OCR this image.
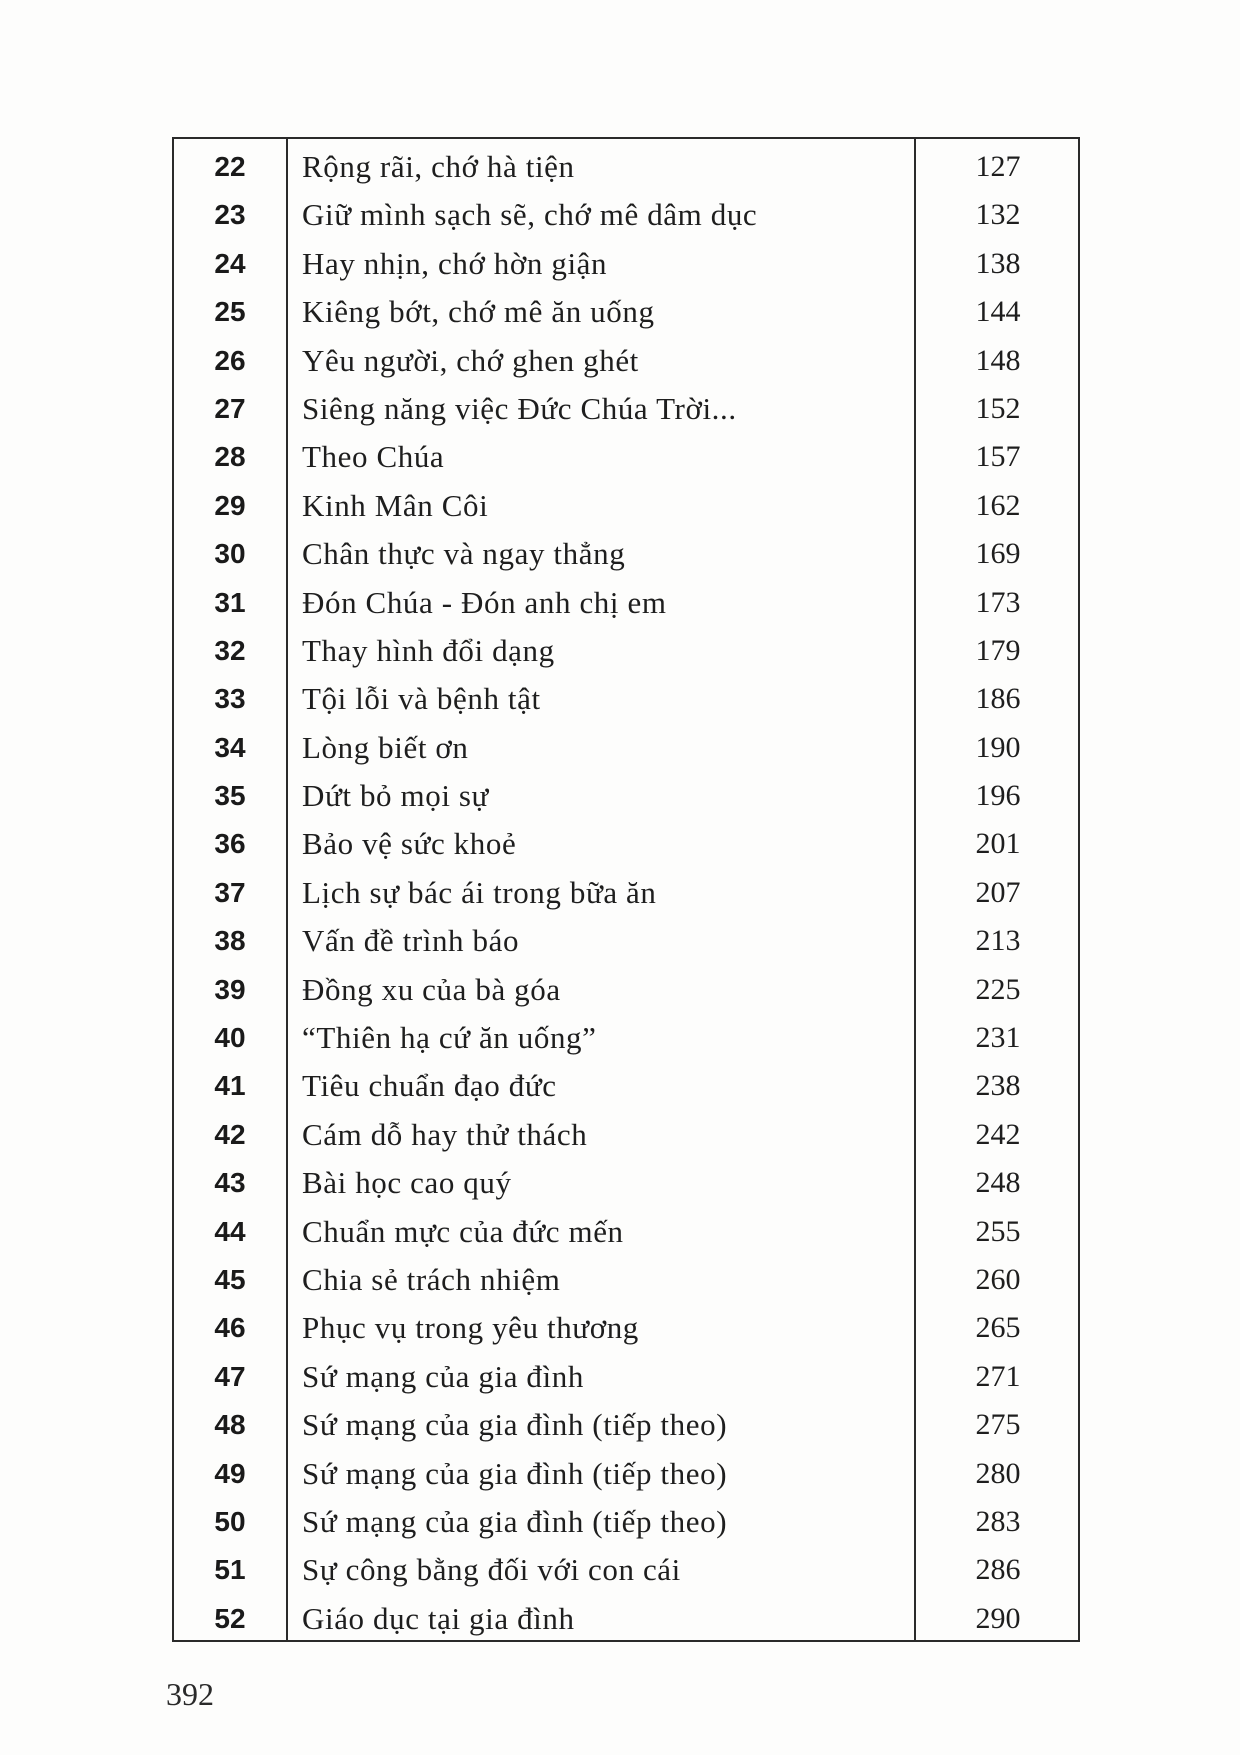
22	Rộng rãi, chớ hà tiện	127
23	Giữ mình sạch sẽ, chớ mê dâm dục	132
24	Hay nhịn, chớ hờn giận	138
25	Kiêng bớt, chớ mê ăn uống	144
26	Yêu người, chớ ghen ghét	148
27	Siêng năng việc Đức Chúa Trời...	152
28	Theo Chúa	157
29	Kinh Mân Côi	162
30	Chân thực và ngay thẳng	169
31	Đón Chúa - Đón anh chị em	173
32	Thay hình đổi dạng	179
33	Tội lỗi và bệnh tật	186
34	Lòng biết ơn	190
35	Dứt bỏ mọi sự	196
36	Bảo vệ sức khoẻ	201
37	Lịch sự bác ái trong bữa ăn	207
38	Vấn đề trình báo	213
39	Đồng xu của bà góa	225
40	“Thiên hạ cứ ăn uống”	231
41	Tiêu chuẩn đạo đức	238
42	Cám dỗ hay thử thách	242
43	Bài học cao quý	248
44	Chuẩn mực của đức mến	255
45	Chia sẻ trách nhiệm	260
46	Phục vụ trong yêu thương	265
47	Sứ mạng của gia đình	271
48	Sứ mạng của gia đình (tiếp theo)	275
49	Sứ mạng của gia đình (tiếp theo)	280
50	Sứ mạng của gia đình (tiếp theo)	283
51	Sự công bằng đối với con cái	286
52	Giáo dục tại gia đình	290
392
